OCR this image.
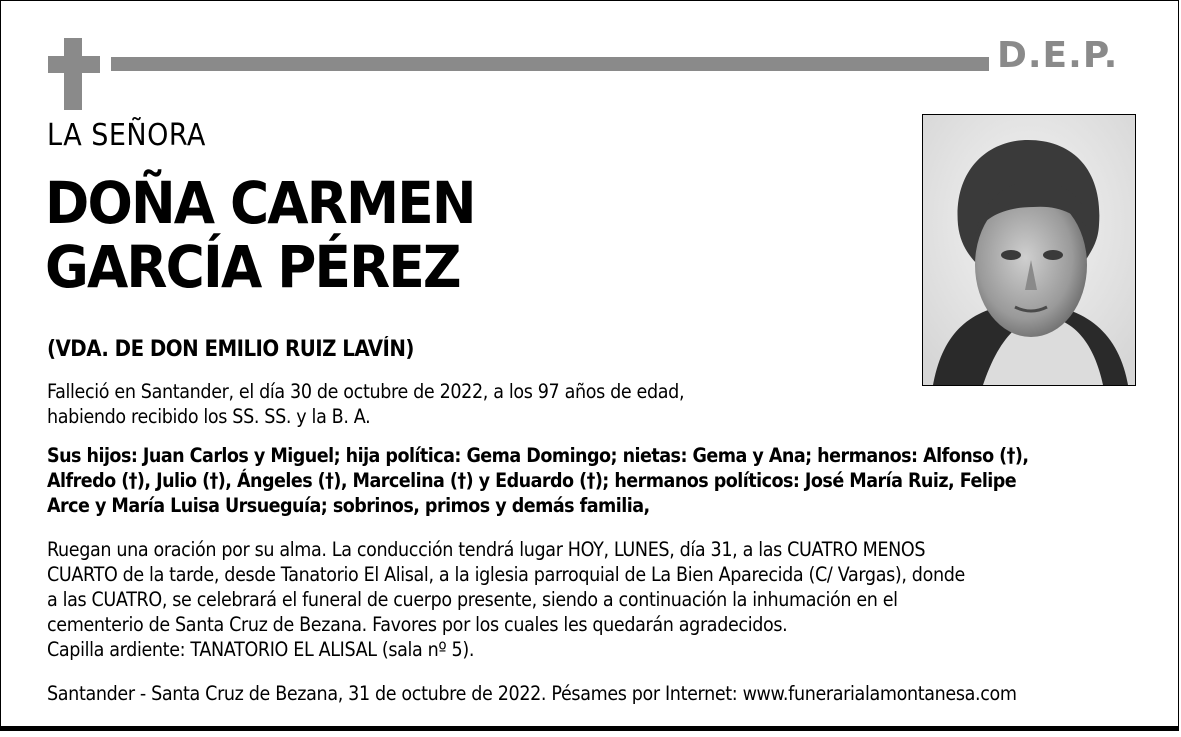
D.E.P.
LA SEÑORA
DOÑA CARMEN
GARCÍA PÉREZ
(VDA. DE DON EMILIO RUIZ LAVÍN)
Falleció en Santander, el día 30 de octubre de 2022, a los 97 años de edad,
habiendo recibido los SS. SS. y la B. A.
Sus hijos: Juan Carlos y Miguel; hija política: Gema Domingo; nietas: Gema y Ana; hermanos: Alfonso (†),
Alfredo (†), Julio (†), Ángeles (†), Marcelina (†) y Eduardo (†); hermanos políticos: José María Ruiz, Felipe
Arce y María Luisa Ursueguía; sobrinos, primos y demás familia,
Ruegan una oración por su alma. La conducción tendrá lugar HOY, LUNES, día 31, a las CUATRO MENOS
CUARTO de la tarde, desde Tanatorio El Alisal, a la iglesia parroquial de La Bien Aparecida (C/ Vargas), donde
a las CUATRO, se celebrará el funeral de cuerpo presente, siendo a continuación la inhumación en el
cementerio de Santa Cruz de Bezana. Favores por los cuales les quedarán agradecidos.
Capilla ardiente: TANATORIO EL ALISAL (sala nº 5).
Santander - Santa Cruz de Bezana, 31 de octubre de 2022. Pésames por Internet: www.funerarialamontanesa.com
